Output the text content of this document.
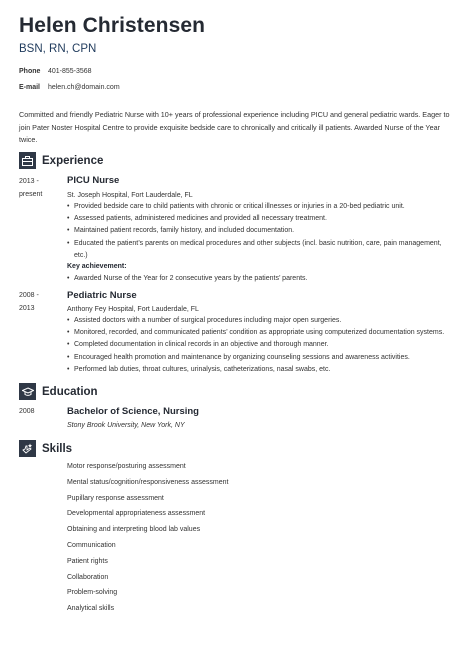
Helen Christensen
BSN, RN, CPN
Phone 401-855-3568
E-mail helen.ch@domain.com
Committed and friendly Pediatric Nurse with 10+ years of professional experience including PICU and general pediatric wards. Eager to join Pater Noster Hospital Centre to provide exquisite bedside care to chronically and critically ill patients. Awarded Nurse of the Year twice.
Experience
2013 -
present
PICU Nurse
St. Joseph Hospital, Fort Lauderdale, FL
• Provided bedside care to child patients with chronic or critical illnesses or injuries in a 20-bed pediatric unit.
• Assessed patients, administered medicines and provided all necessary treatment.
• Maintained patient records, family history, and included documentation.
• Educated the patient’s parents on medical procedures and other subjects (incl. basic nutrition, care, pain management, etc.)
Key achievement:
• Awarded Nurse of the Year for 2 consecutive years by the patients’ parents.
2008 -
2013
Pediatric Nurse
Anthony Fey Hospital, Fort Lauderdale, FL
• Assisted doctors with a number of surgical procedures including major open surgeries.
• Monitored, recorded, and communicated patients’ condition as appropriate using computerized documentation systems.
• Completed documentation in clinical records in an objective and thorough manner.
• Encouraged health promotion and maintenance by organizing counseling sessions and awareness activities.
• Performed lab duties, throat cultures, urinalysis, catheterizations, nasal swabs, etc.
Education
2008	Bachelor of Science, Nursing
Stony Brook University, New York, NY
Skills
Motor response/posturing assessment
Mental status/cognition/responsiveness assessment
Pupillary response assessment
Developmental appropriateness assessment
Obtaining and interpreting blood lab values
Communication
Patient rights
Collaboration
Problem-solving
Analytical skills
